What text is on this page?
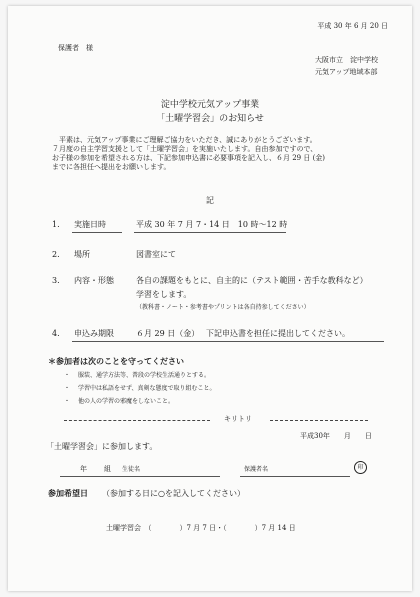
平成 30 年 6 月 20 日
保護者　様
大阪市立　淀中学校
元気アップ地域本部
淀中学校元気アップ事業
「土曜学習会」のお知らせ
　平素は、元気アップ事業にご理解ご協力をいただき、誠にありがとうございます。
７月度の自主学習支援として「土曜学習会」を実施いたします。自由参加ですので、
お子様の参加を希望される方は、下記参加申込書に必要事項を記入し、６月 29 日 (金)
までに各担任へ提出をお願いします。
記
1. 実施日時	平成 30 年 7 月 7・14 日　10 時〜12 時
2. 場所	図書室にて
3. 内容・形態	各自の課題をもとに、自主的に（テスト範囲・苦手な教科など）
学習をします。
（教科書・ノート・参考書やプリントは各自持参してください）
4. 申込み期限	６月 29 日（金） 下記申込書を担任に提出してください。
＊参加者は次のことを守ってください
・ 服装、通学方法等、普段の学校生活通りとする。
・ 学習中は私語をせず、真剣な態度で取り組むこと。
・ 他の人の学習の邪魔をしないこと。
キリトリ
平成30年　　月　　日
「土曜学習会」に参加します。
年 組 生徒名	保護者名	印
参加希望日 （参加する日に○を記入してください）
土曜学習会　（　　　　）7 月 7 日・（　　　　）7 月 14 日
